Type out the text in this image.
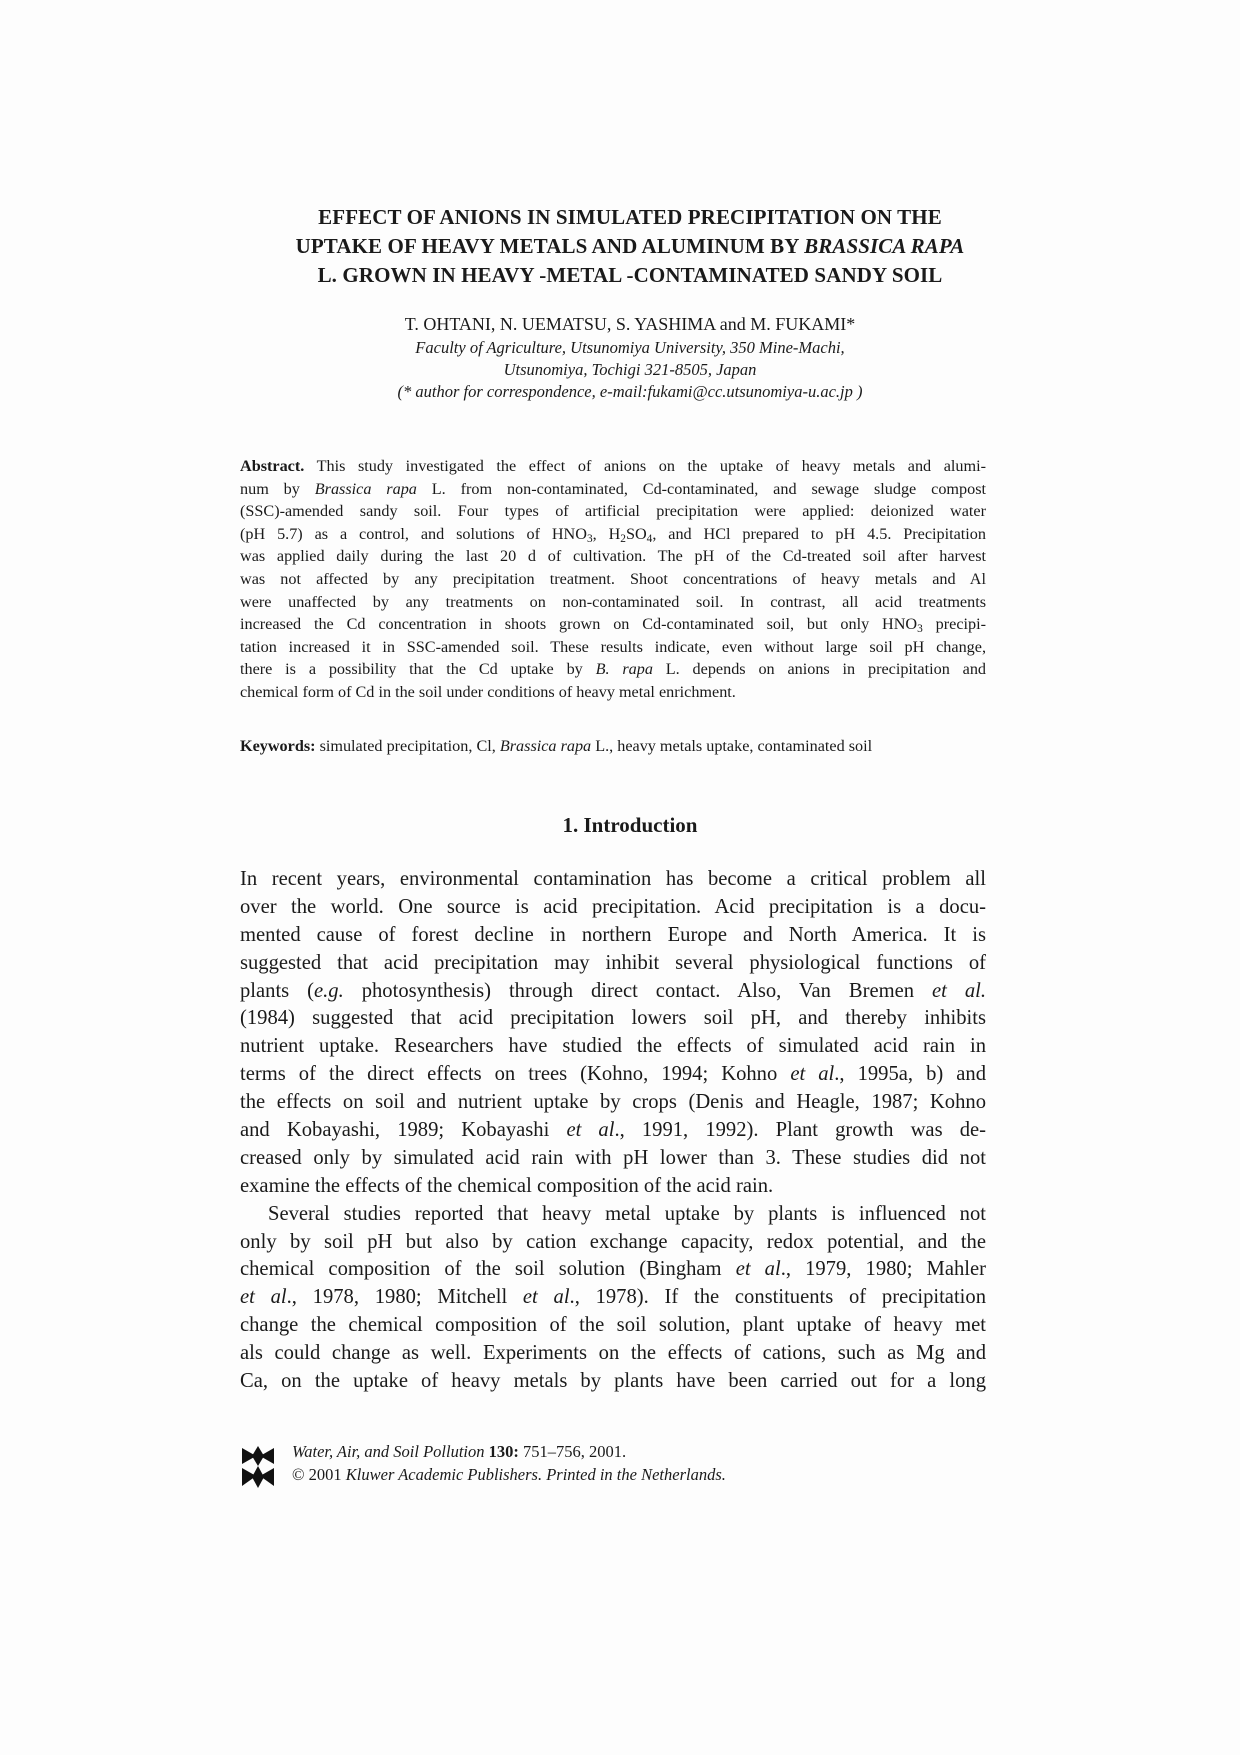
EFFECT OF ANIONS IN SIMULATED PRECIPITATION ON THE
UPTAKE OF HEAVY METALS AND ALUMINUM BY BRASSICA RAPA
L. GROWN IN HEAVY -METAL -CONTAMINATED SANDY SOIL
T. OHTANI, N. UEMATSU, S. YASHIMA and M. FUKAMI*
Faculty of Agriculture, Utsunomiya University, 350 Mine-Machi,
Utsunomiya, Tochigi 321-8505, Japan
(* author for correspondence, e-mail:fukami@cc.utsunomiya-u.ac.jp )
Abstract. This study investigated the effect of anions on the uptake of heavy metals and alumi-
num by Brassica rapa L. from non-contaminated, Cd-contaminated, and sewage sludge compost
(SSC)-amended sandy soil. Four types of artificial precipitation were applied: deionized water
(pH 5.7) as a control, and solutions of $HNO_3$, $H_2SO_4$, and HCl prepared to pH 4.5. Precipitation
was applied daily during the last 20 d of cultivation. The pH of the Cd-treated soil after harvest
was not affected by any precipitation treatment. Shoot concentrations of heavy metals and Al
were unaffected by any treatments on non-contaminated soil. In contrast, all acid treatments
increased the Cd concentration in shoots grown on Cd-contaminated soil, but only $HNO_3$ precipi-
tation increased it in SSC-amended soil. These results indicate, even without large soil pH change,
there is a possibility that the Cd uptake by B. rapa L. depends on anions in precipitation and
chemical form of Cd in the soil under conditions of heavy metal enrichment.
Keywords: simulated precipitation, Cl, Brassica rapa L., heavy metals uptake, contaminated soil
1. Introduction
In recent years, environmental contamination has become a critical problem all
over the world. One source is acid precipitation. Acid precipitation is a docu-
mented cause of forest decline in northern Europe and North America. It is
suggested that acid precipitation may inhibit several physiological functions of
plants (e.g. photosynthesis) through direct contact. Also, Van Bremen et al.
(1984) suggested that acid precipitation lowers soil pH, and thereby inhibits
nutrient uptake. Researchers have studied the effects of simulated acid rain in
terms of the direct effects on trees (Kohno, 1994; Kohno et al., 1995a, b) and
the effects on soil and nutrient uptake by crops (Denis and Heagle, 1987; Kohno
and Kobayashi, 1989; Kobayashi et al., 1991, 1992). Plant growth was de-
creased only by simulated acid rain with pH lower than 3. These studies did not
examine the effects of the chemical composition of the acid rain.
Several studies reported that heavy metal uptake by plants is influenced not
only by soil pH but also by cation exchange capacity, redox potential, and the
chemical composition of the soil solution (Bingham et al., 1979, 1980; Mahler
et al., 1978, 1980; Mitchell et al., 1978). If the constituents of precipitation
change the chemical composition of the soil solution, plant uptake of heavy met
als could change as well. Experiments on the effects of cations, such as Mg and
Ca, on the uptake of heavy metals by plants have been carried out for a long
Water, Air, and Soil Pollution 130: 751–756, 2001.
© 2001 Kluwer Academic Publishers. Printed in the Netherlands.
